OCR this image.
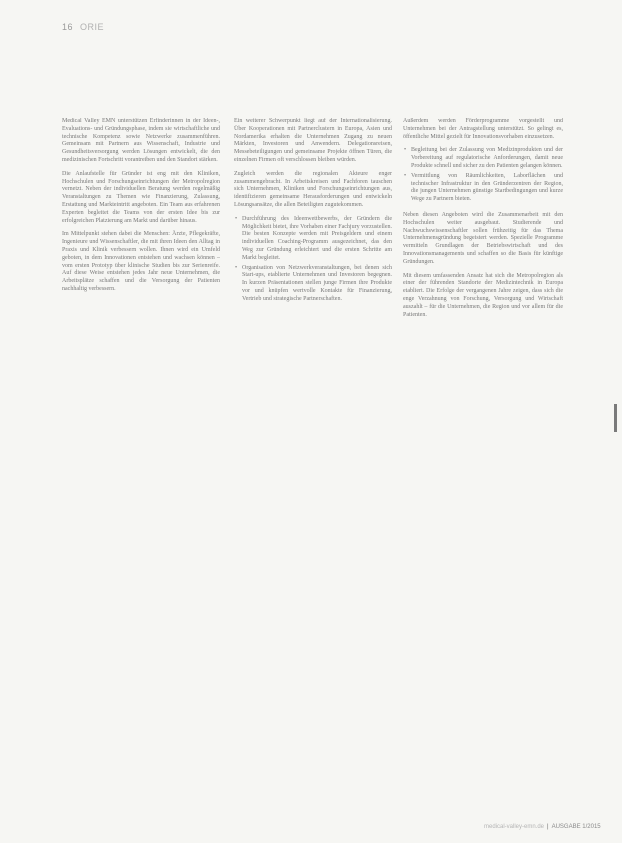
16 ORIE

Medical Valley EMN unterstützen Erfinderinnen in der Ideen-, Evaluations- und Gründungsphase, indem sie wirtschaftliche und technische Kompetenz sowie Netzwerke zusammenführen. Gemeinsam mit Partnern aus Wissenschaft, Industrie und Gesundheitsversorgung werden Lösungen entwickelt, die den medizinischen Fortschritt vorantreiben und den Standort stärken.

Die Anlaufstelle für Gründer ist eng mit den Kliniken, Hochschulen und Forschungseinrichtungen der Metropolregion vernetzt. Neben der individuellen Beratung werden regelmäßig Veranstaltungen zu Themen wie Finanzierung, Zulassung, Erstattung und Markteintritt angeboten. Ein Team aus erfahrenen Experten begleitet die Teams von der ersten Idee bis zur erfolgreichen Platzierung am Markt und darüber hinaus.

Im Mittelpunkt stehen dabei die Menschen: Ärzte, Pflegekräfte, Ingenieure und Wissenschaftler, die mit ihren Ideen den Alltag in Praxis und Klinik verbessern wollen. Ihnen wird ein Umfeld geboten, in dem Innovationen entstehen und wachsen können – vom ersten Prototyp über klinische Studien bis zur Serienreife. Auf diese Weise entstehen jedes Jahr neue Unternehmen, die Arbeitsplätze schaffen und die Versorgung der Patienten nachhaltig verbessern.

Ein weiterer Schwerpunkt liegt auf der Internationalisierung. Über Kooperationen mit Partnerclustern in Europa, Asien und Nordamerika erhalten die Unternehmen Zugang zu neuen Märkten, Investoren und Anwendern. Delegationsreisen, Messebeteiligungen und gemeinsame Projekte öffnen Türen, die einzelnen Firmen oft verschlossen bleiben würden.

Zugleich werden die regionalen Akteure enger zusammengebracht. In Arbeitskreisen und Fachforen tauschen sich Unternehmen, Kliniken und Forschungseinrichtungen aus, identifizieren gemeinsame Herausforderungen und entwickeln Lösungsansätze, die allen Beteiligten zugutekommen.

• Durchführung des Ideenwettbewerbs, der Gründern die Möglichkeit bietet, ihre Vorhaben einer Fachjury vorzustellen. Die besten Konzepte werden mit Preisgeldern und einem individuellen Coaching-Programm ausgezeichnet, das den Weg zur Gründung erleichtert und die ersten Schritte am Markt begleitet.
• Organisation von Netzwerkveranstaltungen, bei denen sich Start-ups, etablierte Unternehmen und Investoren begegnen. In kurzen Präsentationen stellen junge Firmen ihre Produkte vor und knüpfen wertvolle Kontakte für Finanzierung, Vertrieb und strategische Partnerschaften.

Außerdem werden Förderprogramme vorgestellt und Unternehmen bei der Antragstellung unterstützt. So gelingt es, öffentliche Mittel gezielt für Innovationsvorhaben einzusetzen.

• Begleitung bei der Zulassung von Medizinprodukten und der Vorbereitung auf regulatorische Anforderungen, damit neue Produkte schnell und sicher zu den Patienten gelangen können.
• Vermittlung von Räumlichkeiten, Laborflächen und technischer Infrastruktur in den Gründerzentren der Region, die jungen Unternehmen günstige Startbedingungen und kurze Wege zu Partnern bieten.

Neben diesen Angeboten wird die Zusammenarbeit mit den Hochschulen weiter ausgebaut. Studierende und Nachwuchswissenschaftler sollen frühzeitig für das Thema Unternehmensgründung begeistert werden. Spezielle Programme vermitteln Grundlagen der Betriebswirtschaft und des Innovationsmanagements und schaffen so die Basis für künftige Gründungen.

Mit diesem umfassenden Ansatz hat sich die Metropolregion als einer der führenden Standorte der Medizintechnik in Europa etabliert. Die Erfolge der vergangenen Jahre zeigen, dass sich die enge Verzahnung von Forschung, Versorgung und Wirtschaft auszahlt – für die Unternehmen, die Region und vor allem für die Patienten.

medical-valley-emn.de | AUSGABE 1/2015
